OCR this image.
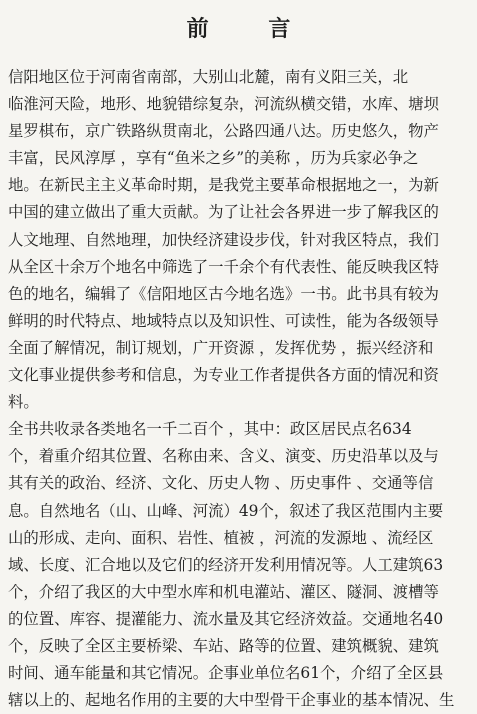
前 言

信阳地区位于河南省南部，大别山北麓，南有义阳三关，北
临淮河天险，地形、地貌错综复杂，河流纵横交错，水库、塘坝
星罗棋布，京广铁路纵贯南北，公路四通八达。历史悠久，物产
丰富，民风淳厚 ，享有“鱼米之乡”的美称 ，历为兵家必争之
地。在新民主主义革命时期，是我党主要革命根据地之一，为新
中国的建立做出了重大贡献。为了让社会各界进一步了解我区的
人文地理、自然地理，加快经济建设步伐，针对我区特点，我们
从全区十余万个地名中筛选了一千余个有代表性、能反映我区特
色的地名，编辑了《信阳地区古今地名选》一书。此书具有较为
鲜明的时代特点、地域特点以及知识性、可读性，能为各级领导
全面了解情况，制订规划，广开资源 ，发挥优势 ，振兴经济和
文化事业提供参考和信息，为专业工作者提供各方面的情况和资
料。

全书共收录各类地名一千二百个 ，其中：政区居民点名634
个，着重介绍其位置、名称由来、含义、演变、历史沿革以及与
其有关的政治、经济、文化、历史人物 、历史事件 、交通等信
息。自然地名（山、山峰、河流）49个，叙述了我区范围内主要
山的形成、走向、面积、岩性、植被 ，河流的发源地 、流经区
域、长度、汇合地以及它们的经济开发利用情况等。人工建筑63
个，介绍了我区的大中型水库和机电灌站、灌区、隧洞、渡槽等
的位置、库容、提灌能力、流水量及其它经济效益。交通地名40
个，反映了全区主要桥梁、车站、路等的位置、建筑概貌、建筑
时间、通车能量和其它情况。企事业单位名61个，介绍了全区县
辖以上的、起地名作用的主要的大中型骨干企事业的基本情况、生
